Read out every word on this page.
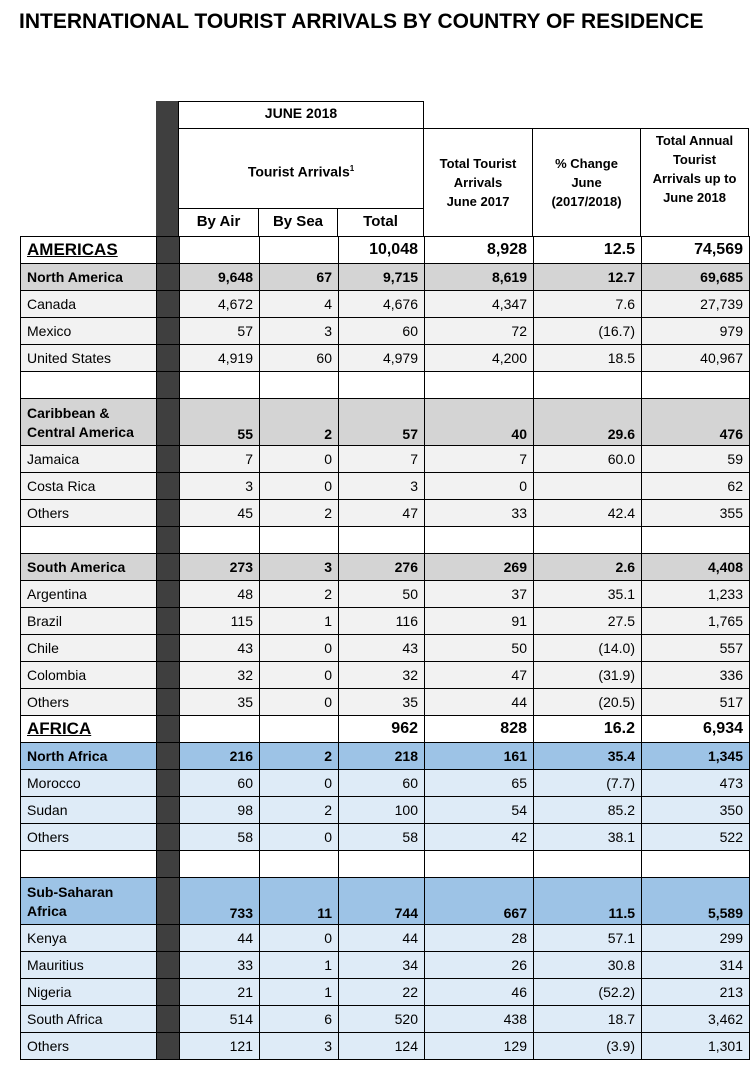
INTERNATIONAL TOURIST ARRIVALS BY COUNTRY OF RESIDENCE
JUNE 2018
Tourist Arrivals$^1$
By Air	By Sea	Total
Total Tourist
Arrivals
June 2017
% Change
June
(2017/2018)
Total Annual
Tourist
Arrivals up to
June 2018
AMERICAS				10,048	8,928	12.5	74,569
North America		9,648	67	9,715	8,619	12.7	69,685
Canada		4,672	4	4,676	4,347	7.6	27,739
Mexico		57	3	60	72	(16.7)	979
United States		4,919	60	4,979	4,200	18.5	40,967

Caribbean &
Central America		55	2	57	40	29.6	476
Jamaica		7	0	7	7	60.0	59
Costa Rica		3	0	3	0		62
Others		45	2	47	33	42.4	355

South America		273	3	276	269	2.6	4,408
Argentina		48	2	50	37	35.1	1,233
Brazil		115	1	116	91	27.5	1,765
Chile		43	0	43	50	(14.0)	557
Colombia		32	0	32	47	(31.9)	336
Others		35	0	35	44	(20.5)	517
AFRICA				962	828	16.2	6,934
North Africa		216	2	218	161	35.4	1,345
Morocco		60	0	60	65	(7.7)	473
Sudan		98	2	100	54	85.2	350
Others		58	0	58	42	38.1	522

Sub-Saharan
Africa		733	11	744	667	11.5	5,589
Kenya		44	0	44	28	57.1	299
Mauritius		33	1	34	26	30.8	314
Nigeria		21	1	22	46	(52.2)	213
South Africa		514	6	520	438	18.7	3,462
Others		121	3	124	129	(3.9)	1,301
